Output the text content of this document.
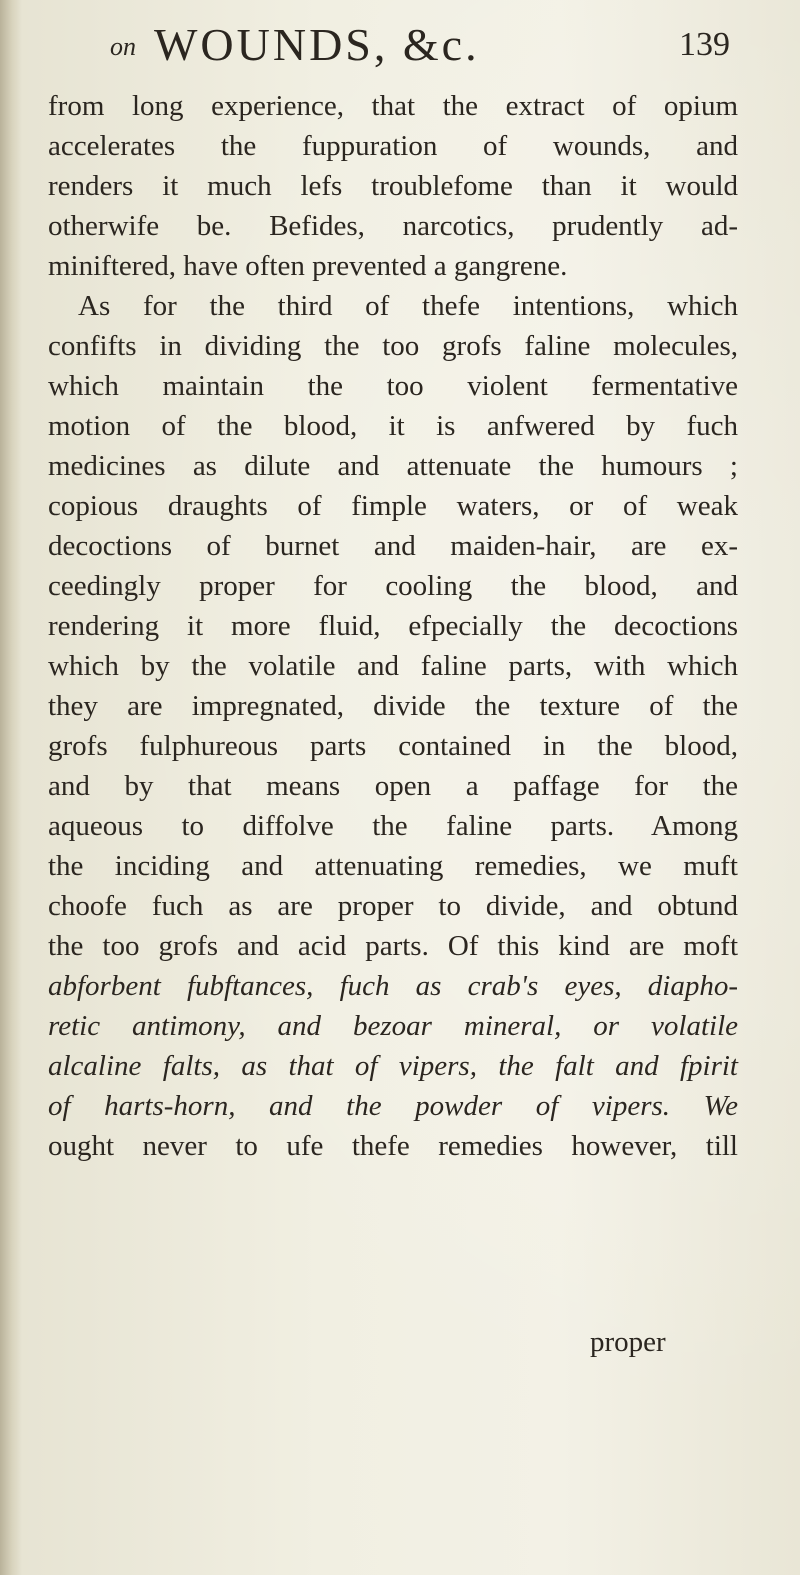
on WOUNDS, &c.	139
from long experience, that the extract of opium
accelerates the fuppuration of wounds, and
renders it much lefs troublefome than it would
otherwife be. Befides, narcotics, prudently ad-
miniftered, have often prevented a gangrene.
As for the third of thefe intentions, which
confifts in dividing the too grofs faline molecules,
which maintain the too violent fermentative
motion of the blood, it is anfwered by fuch
medicines as dilute and attenuate the humours ;
copious draughts of fimple waters, or of weak
decoctions of burnet and maiden-hair, are ex-
ceedingly proper for cooling the blood, and
rendering it more fluid, efpecially the decoctions
which by the volatile and faline parts, with which
they are impregnated, divide the texture of the
grofs fulphureous parts contained in the blood,
and by that means open a paffage for the
aqueous to diffolve the faline parts. Among
the inciding and attenuating remedies, we muft
choofe fuch as are proper to divide, and obtund
the too grofs and acid parts. Of this kind are moft
abforbent fubftances, fuch as crab's eyes, diapho-
retic antimony, and bezoar mineral, or volatile
alcaline falts, as that of vipers, the falt and fpirit
of harts-horn, and the powder of vipers. We
ought never to ufe thefe remedies however, till
proper
